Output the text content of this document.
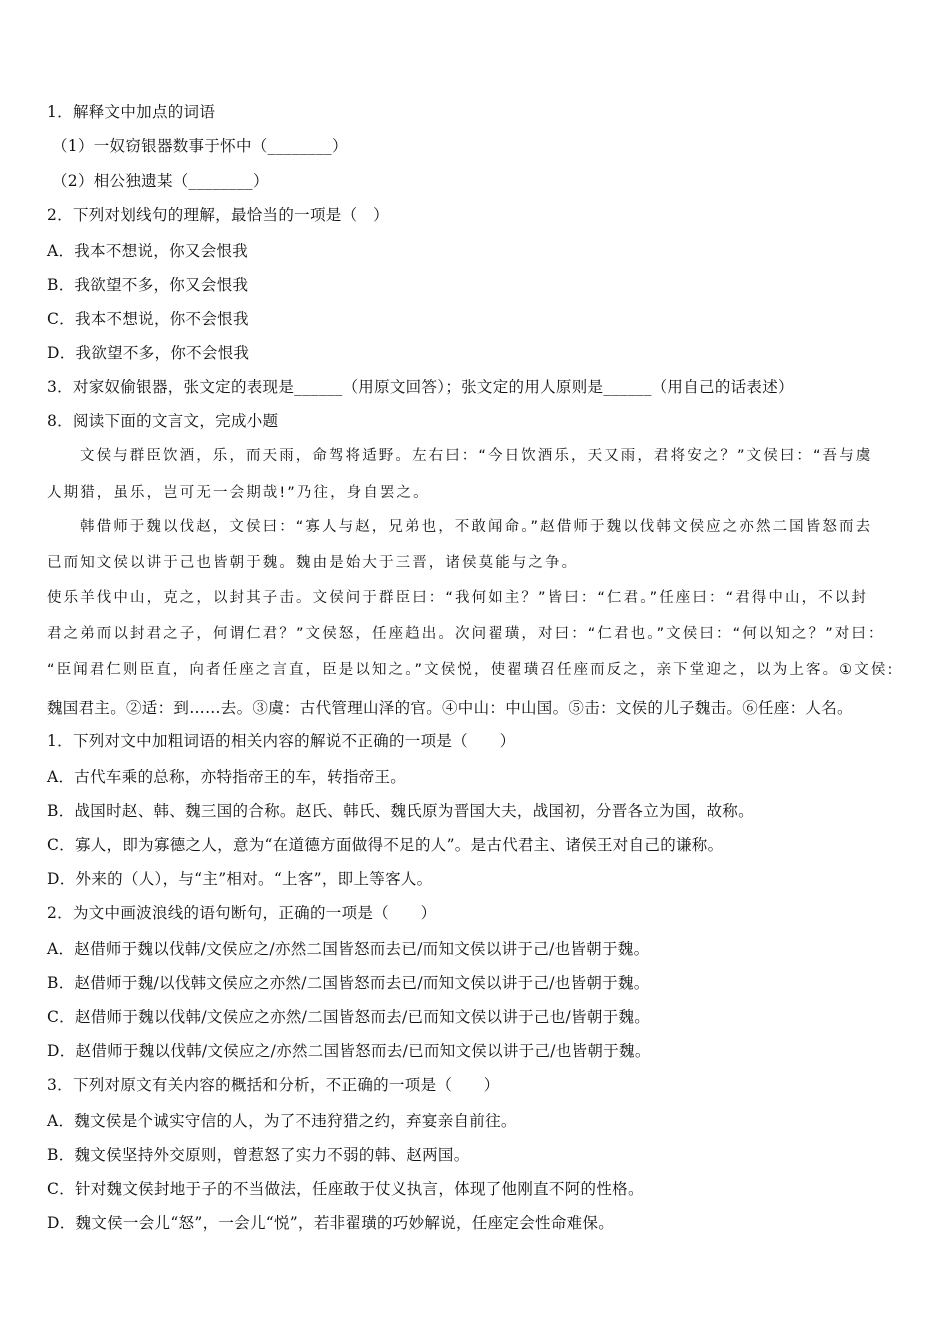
1．解释文中加点的词语
（1）一奴窃银器数事于怀中（________）
（2）相公独遗某（________）
2．下列对划线句的理解，最恰当的一项是（　）
A．我本不想说，你又会恨我
B．我欲望不多，你又会恨我
C．我本不想说，你不会恨我
D．我欲望不多，你不会恨我
3．对家奴偷银器，张文定的表现是______（用原文回答）；张文定的用人原则是______（用自己的话表述）
8．阅读下面的文言文，完成小题
文侯与群臣饮酒，乐，而天雨，命驾将适野。左右曰：“今日饮酒乐，天又雨，君将安之？”文侯曰：“吾与虞
人期猎，虽乐，岂可无一会期哉!”乃往，身自罢之。
韩借师于魏以伐赵，文侯曰：“寡人与赵，兄弟也，不敢闻命。”赵借师于魏以伐韩文侯应之亦然二国皆怒而去
已而知文侯以讲于己也皆朝于魏。魏由是始大于三晋，诸侯莫能与之争。
使乐羊伐中山，克之，以封其子击。文侯问于群臣曰：“我何如主？”皆曰：“仁君。”任座曰：“君得中山，不以封
君之弟而以封君之子，何谓仁君？”文侯怒，任座趋出。次问翟璜，对曰：“仁君也。”文侯曰：“何以知之？”对曰：
“臣闻君仁则臣直，向者任座之言直，臣是以知之。”文侯悦，使翟璜召任座而反之，亲下堂迎之，以为上客。①文侯:
魏国君主。②适：到……去。③虞：古代管理山泽的官。④中山：中山国。⑤击：文侯的儿子魏击。⑥任座：人名。
1．下列对文中加粗词语的相关内容的解说不正确的一项是（　　）
A．古代车乘的总称，亦特指帝王的车，转指帝王。
B．战国时赵、韩、魏三国的合称。赵氏、韩氏、魏氏原为晋国大夫，战国初，分晋各立为国，故称。
C．寡人，即为寡德之人，意为“在道德方面做得不足的人”。是古代君主、诸侯王对自己的谦称。
D．外来的（人），与“主”相对。“上客”，即上等客人。
2．为文中画波浪线的语句断句，正确的一项是（　　）
A．赵借师于魏以伐韩/文侯应之/亦然二国皆怒而去已/而知文侯以讲于己/也皆朝于魏。
B．赵借师于魏/以伐韩文侯应之亦然/二国皆怒而去已/而知文侯以讲于己/也皆朝于魏。
C．赵借师于魏以伐韩/文侯应之亦然/二国皆怒而去/已而知文侯以讲于己也/皆朝于魏。
D．赵借师于魏以伐韩/文侯应之/亦然二国皆怒而去/已而知文侯以讲于己/也皆朝于魏。
3．下列对原文有关内容的概括和分析，不正确的一项是（　　）
A．魏文侯是个诚实守信的人，为了不违狩猎之约，弃宴亲自前往。
B．魏文侯坚持外交原则，曾惹怒了实力不弱的韩、赵两国。
C．针对魏文侯封地于子的不当做法，任座敢于仗义执言，体现了他刚直不阿的性格。
D．魏文侯一会儿“怒”，一会儿“悦”，若非翟璜的巧妙解说，任座定会性命难保。
